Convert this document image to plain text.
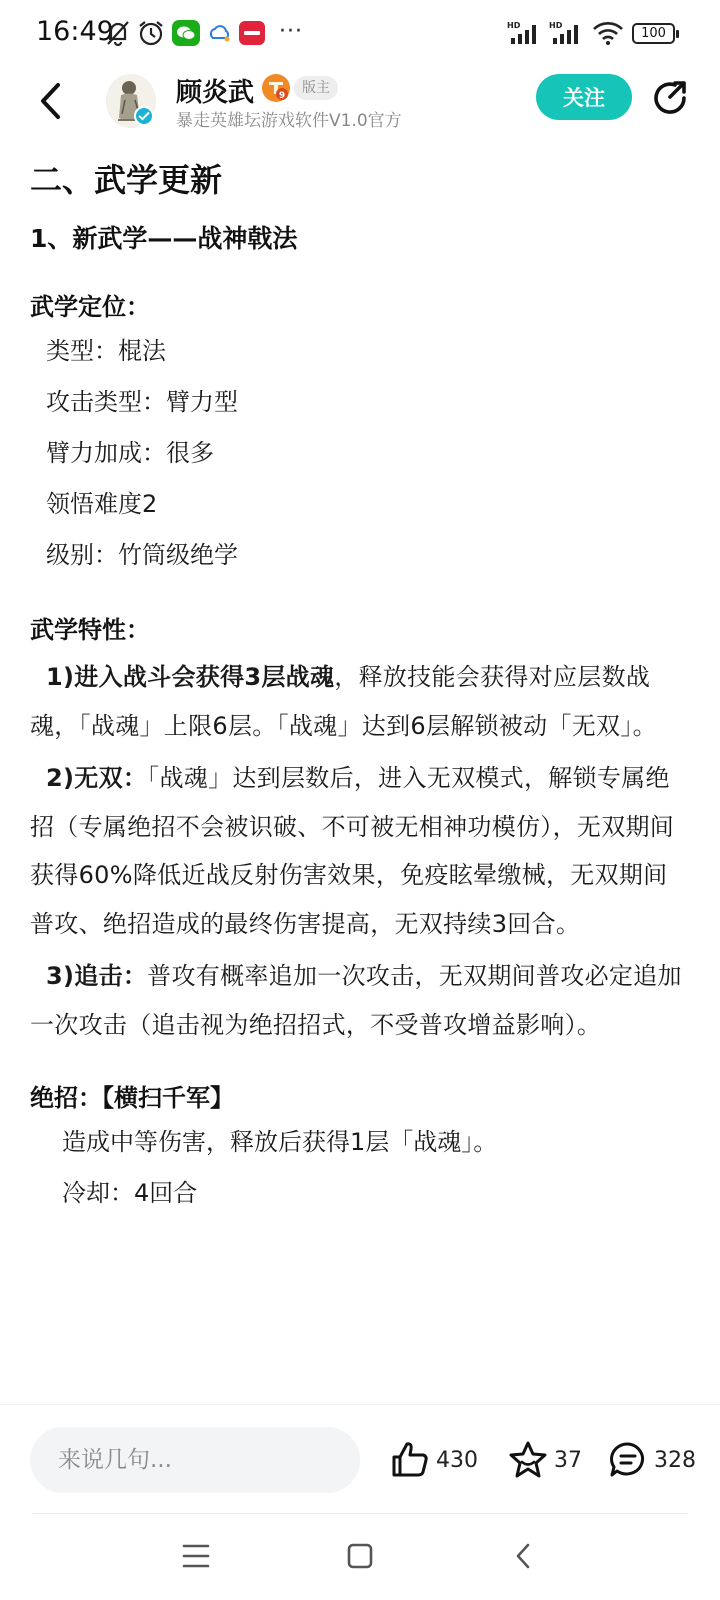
16:49	···	HD	HD
100
顾炎武	9	版主
暴走英雄坛游戏软件V1.0官方
关注
二、武学更新
1、新武学——战神戟法
武学定位：
类型：棍法
攻击类型：臂力型
臂力加成：很多
领悟难度2
级别：竹筒级绝学
武学特性：
1)进入战斗会获得3层战魂，释放技能会获得对应层数战魂，「战魂」上限6层。「战魂」达到6层解锁被动「无双」。
2)无双：「战魂」达到层数后，进入无双模式，解锁专属绝招（专属绝招不会被识破、不可被无相神功模仿），无双期间获得60%降低近战反射伤害效果，免疫眩晕缴械，无双期间普攻、绝招造成的最终伤害提高，无双持续3回合。
3)追击：普攻有概率追加一次攻击，无双期间普攻必定追加一次攻击（追击视为绝招招式，不受普攻增益影响）。
绝招：【横扫千军】
造成中等伤害，释放后获得1层「战魂」。
冷却：4回合
来说几句...
430	37	328
